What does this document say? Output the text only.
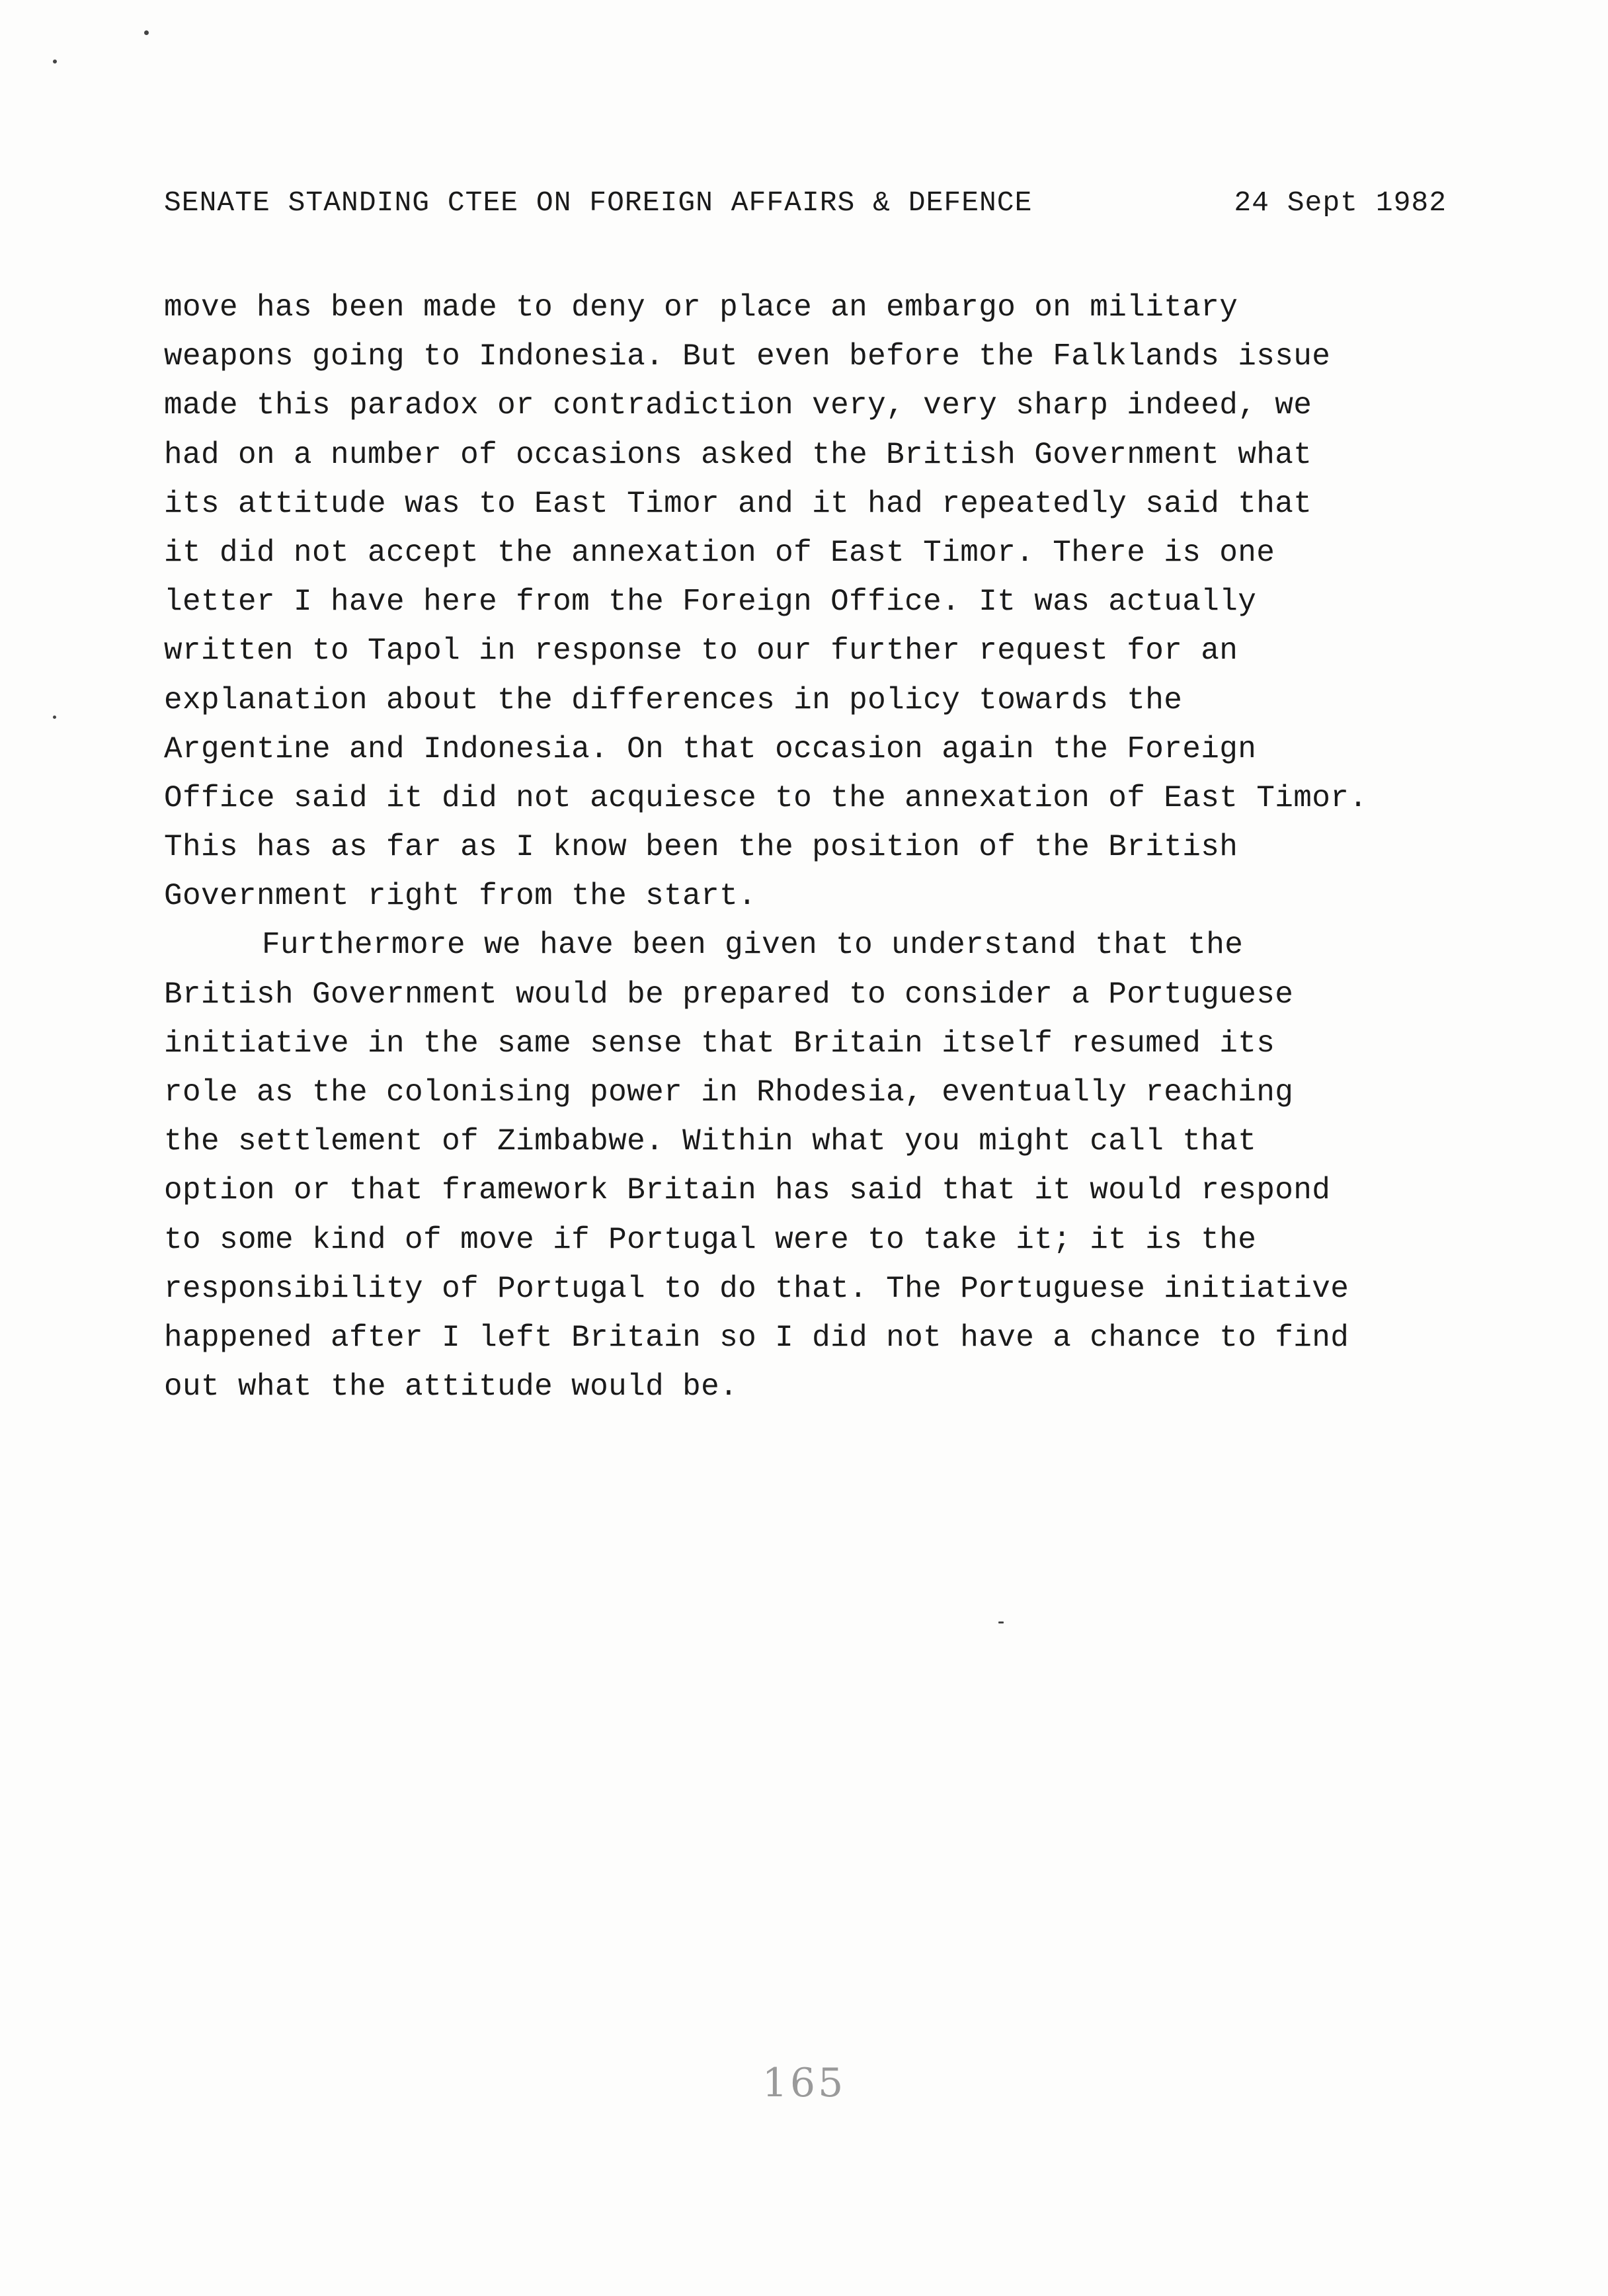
SENATE STANDING CTEE ON FOREIGN AFFAIRS & DEFENCE	24 Sept 1982
move has been made to deny or place an embargo on military
weapons going to Indonesia. But even before the Falklands issue
made this paradox or contradiction very, very sharp indeed, we
had on a number of occasions asked the British Government what
its attitude was to East Timor and it had repeatedly said that
it did not accept the annexation of East Timor. There is one
letter I have here from the Foreign Office. It was actually
written to Tapol in response to our further request for an
explanation about the differences in policy towards the
Argentine and Indonesia. On that occasion again the Foreign
Office said it did not acquiesce to the annexation of East Timor.
This has as far as I know been the position of the British
Government right from the start.
Furthermore we have been given to understand that the
British Government would be prepared to consider a Portuguese
initiative in the same sense that Britain itself resumed its
role as the colonising power in Rhodesia, eventually reaching
the settlement of Zimbabwe. Within what you might call that
option or that framework Britain has said that it would respond
to some kind of move if Portugal were to take it; it is the
responsibility of Portugal to do that. The Portuguese initiative
happened after I left Britain so I did not have a chance to find
out what the attitude would be.
165
